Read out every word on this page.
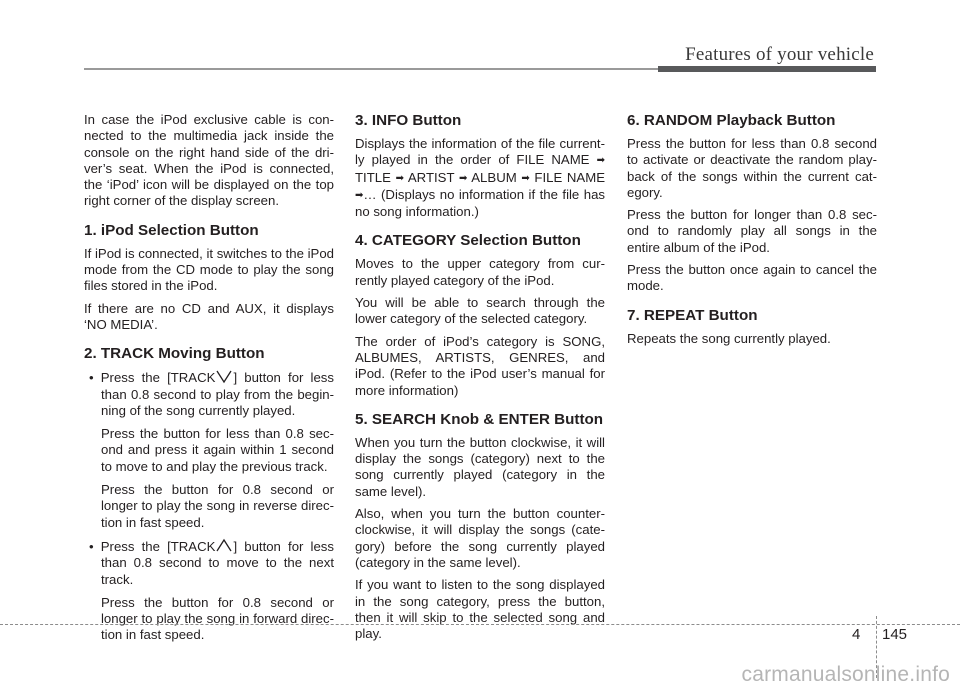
Features of your vehicle

In case the iPod exclusive cable is con-nected to the multimedia jack inside the console on the right hand side of the dri-ver’s seat. When the iPod is connected, the ‘iPod’ icon will be displayed on the top right corner of the display screen.

1. iPod Selection Button

If iPod is connected, it switches to the iPod mode from the CD mode to play the song files stored in the iPod.

If there are no CD and AUX, it displays ‘NO MEDIA’.

2. TRACK Moving Button

• Press the [TRACK ] button for less than 0.8 second to play from the begin-ning of the song currently played.

Press the button for less than 0.8 sec-ond and press it again within 1 second to move to and play the previous track.

Press the button for 0.8 second or longer to play the song in reverse direc-tion in fast speed.

• Press the [TRACK ] button for less than 0.8 second to move to the next track.

Press the button for 0.8 second or longer to play the song in forward direc-tion in fast speed.

3. INFO Button

Displays the information of the file current-ly played in the order of FILE NAME ➡ TITLE ➡ ARTIST ➡ ALBUM ➡ FILE NAME ➡… (Displays no information if the file has no song information.)

4. CATEGORY Selection Button

Moves to the upper category from cur-rently played category of the iPod.

You will be able to search through the lower category of the selected category.

The order of iPod’s category is SONG, ALBUMES, ARTISTS, GENRES, and iPod. (Refer to the iPod user’s manual for more information)

5. SEARCH Knob & ENTER Button

When you turn the button clockwise, it will display the songs (category) next to the song currently played (category in the same level).

Also, when you turn the button counter-clockwise, it will display the songs (cate-gory) before the song currently played (category in the same level).

If you want to listen to the song displayed in the song category, press the button, then it will skip to the selected song and play.

6. RANDOM Playback Button

Press the button for less than 0.8 second to activate or deactivate the random play-back of the songs within the current cat-egory.

Press the button for longer than 0.8 sec-ond to randomly play all songs in the entire album of the iPod.

Press the button once again to cancel the mode.

7. REPEAT Button

Repeats the song currently played.

4 145
carmanualsonline.info
